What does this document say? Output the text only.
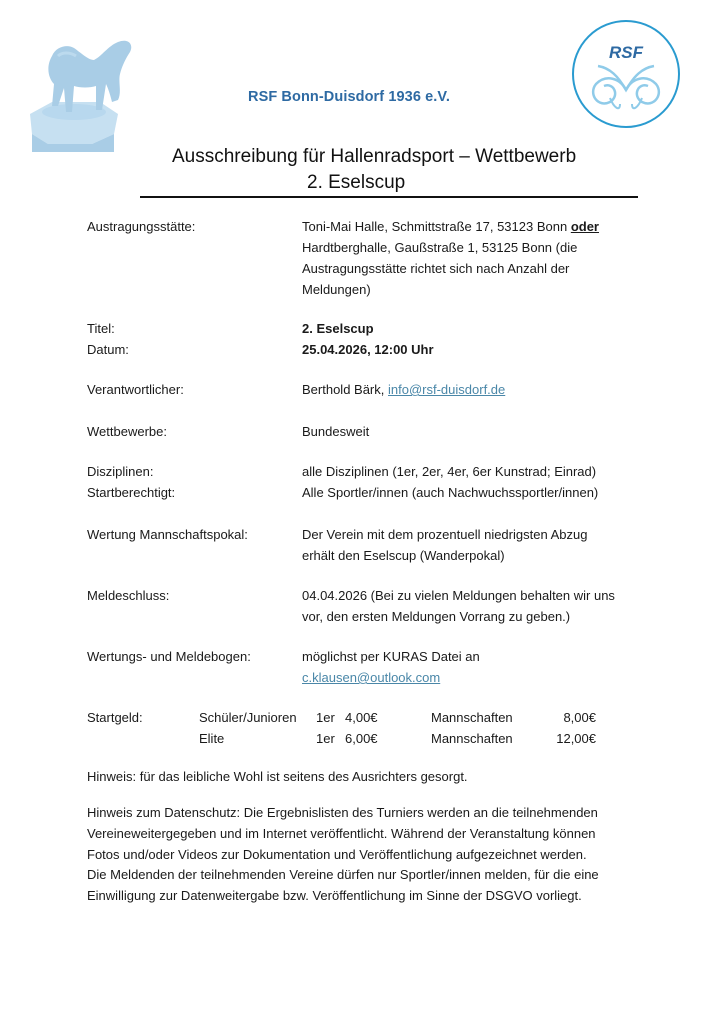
RSF Bonn-Duisdorf 1936 e.V.
RSF
Ausschreibung für Hallenradsport – Wettbewerb
2. Eselscup
Austragungsstätte:	Toni-Mai Halle, Schmittstraße 17, 53123 Bonn oder
Hardtberghalle, Gaußstraße 1, 53125 Bonn (die
Austragungsstätte richtet sich nach Anzahl der
Meldungen)
Titel:	2. Eselscup
Datum:	25.04.2026, 12:00 Uhr
Verantwortlicher:	Berthold Bärk, info@rsf-duisdorf.de
Wettbewerbe:	Bundesweit
Disziplinen:	alle Disziplinen (1er, 2er, 4er, 6er Kunstrad; Einrad)
Startberechtigt:	Alle Sportler/innen (auch Nachwuchssportler/innen)
Wertung Mannschaftspokal:	Der Verein mit dem prozentuell niedrigsten Abzug
erhält den Eselscup (Wanderpokal)
Meldeschluss:	04.04.2026 (Bei zu vielen Meldungen behalten wir uns
vor, den ersten Meldungen Vorrang zu geben.)
Wertungs- und Meldebogen:	möglichst per KURAS Datei an
c.klausen@outlook.com
Startgeld:	Schüler/Junioren 1er 4,00€	Mannschaften	8,00€
Elite	1er 6,00€	Mannschaften	12,00€
Hinweis: für das leibliche Wohl ist seitens des Ausrichters gesorgt.
Hinweis zum Datenschutz: Die Ergebnislisten des Turniers werden an die teilnehmenden
Vereineweitergegeben und im Internet veröffentlicht. Während der Veranstaltung können
Fotos und/oder Videos zur Dokumentation und Veröffentlichung aufgezeichnet werden.
Die Meldenden der teilnehmenden Vereine dürfen nur Sportler/innen melden, für die eine
Einwilligung zur Datenweitergabe bzw. Veröffentlichung im Sinne der DSGVO vorliegt.
